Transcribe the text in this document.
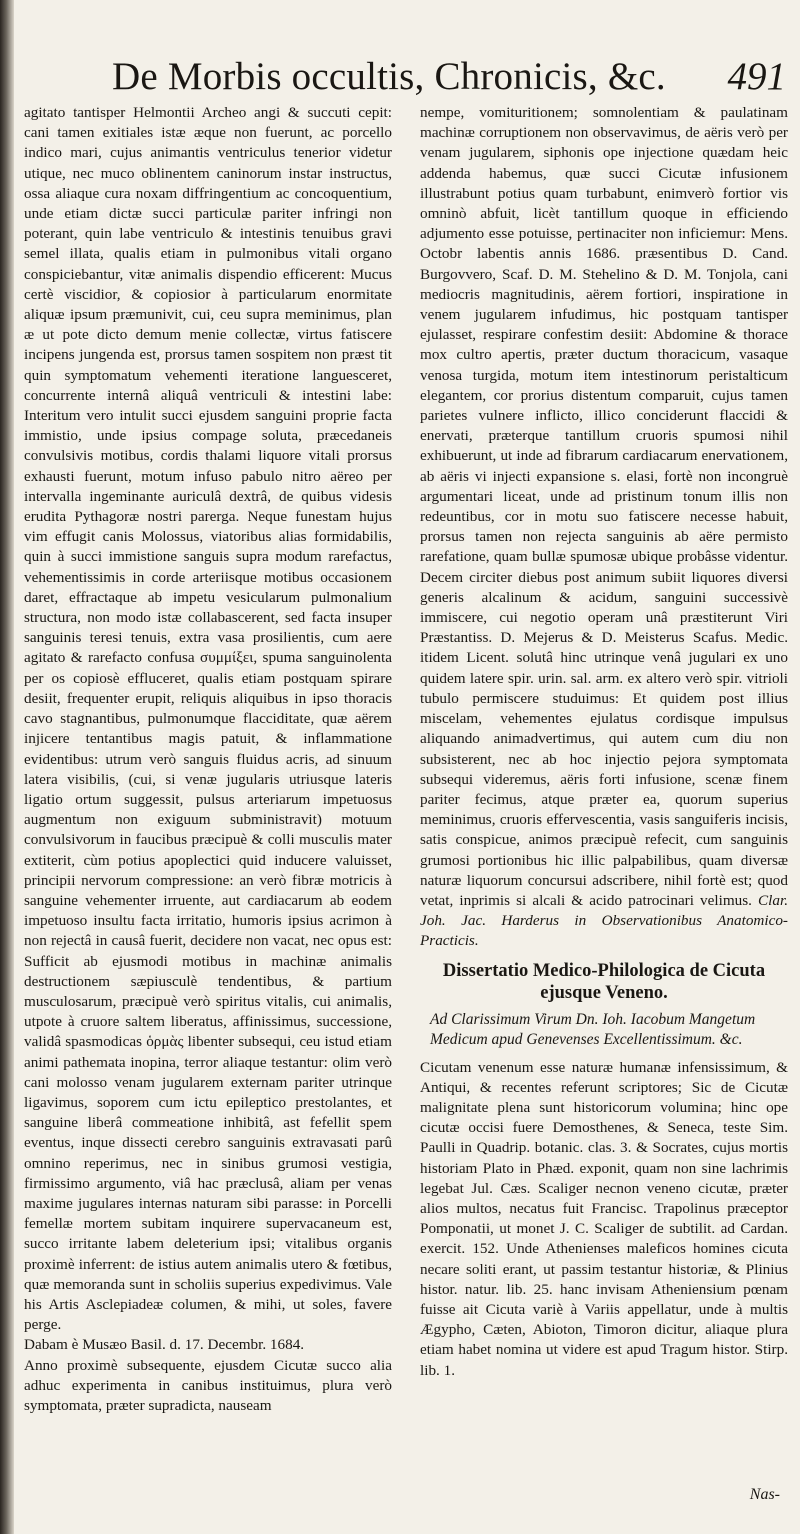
De Morbis occultis, Chronicis, &c. 491

agitato tantisper Helmontii Archeo angi & succuti cepit: cani tamen exitiales istæ æque non fuerunt, ac porcello indico mari, cujus animantis ventriculus tenerior videtur utique, nec muco oblinentem caninorum instar instructus, ossa aliaque cura noxam diffringentium ac concoquentium, unde etiam dictæ succi particulæ pariter infringi non poterant, quin labe ventriculo & intestinis tenuibus gravi semel illata, qualis etiam in pulmonibus vitali organo conspiciebantur, vitæ animalis dispendio efficerent: Mucus certè viscidior, & copiosior à particularum enormitate aliquæ ipsum præmunivit, cui, ceu supra meminimus, plan æ ut pote dicto demum menie collectæ, virtus fatiscere incipens jungenda est, prorsus tamen sospitem non præst tit quin symptomatum vehementi iteratione languesceret, concurrente internâ aliquâ ventriculi & intestini labe: Interitum vero intulit succi ejusdem sanguini proprie facta immistio, unde ipsius compage soluta, præcedaneis convulsivis motibus, cordis thalami liquore vitali prorsus exhausti fuerunt, motum infuso pabulo nitro aëreo per intervalla ingeminante auriculâ dextrâ, de quibus videsis erudita Pythagoræ nostri parerga. Neque funestam hujus vim effugit canis Molossus, viatoribus alias formidabilis, quin à succi immistione sanguis supra modum rarefactus, vehementissimis in corde arteriisque motibus occasionem daret, effractaque ab impetu vesicularum pulmonalium structura, non modo istæ collabascerent, sed facta insuper sanguinis teresi tenuis, extra vasa prosilientis, cum aere agitato & rarefacto confusa συμμίξει, spuma sanguinolenta per os copiosè effluceret, qualis etiam postquam spirare desiit, frequenter erupit, reliquis aliquibus in ipso thoracis cavo stagnantibus, pulmonumque flacciditate, quæ aërem injicere tentantibus magis patuit, & inflammatione evidentibus: utrum verò sanguis fluidus acris, ad sinuum latera visibilis, (cui, si venæ jugularis utriusque lateris ligatio ortum suggessit, pulsus arteriarum impetuosus augmentum non exiguum subministravit) motuum convulsivorum in faucibus præcipuè & colli musculis mater extiterit, cùm potius apoplectici quid inducere valuisset, principii nervorum compressione: an verò fibræ motricis à sanguine vehementer irruente, aut cardiacarum ab eodem impetuoso insultu facta irritatio, humoris ipsius acrimon à non rejectâ in causâ fuerit, decidere non vacat, nec opus est: Sufficit ab ejusmodi motibus in machinæ animalis destructionem sæpiusculè tendentibus, & partium musculosarum, præcipuè verò spiritus vitalis, cui animalis, utpote à cruore saltem liberatus, affinissimus, successione, validâ spasmodicas ὁρμὰς libenter subsequi, ceu istud etiam animi pathemata inopina, terror aliaque testantur: olim verò cani molosso venam jugularem externam pariter utrinque ligavimus, soporem cum ictu epileptico prestolantes, et sanguine liberâ commeatione inhibitâ, ast fefellit spem eventus, inque dissecti cerebro sanguinis extravasati parû omnino reperimus, nec in sinibus grumosi vestigia, firmissimo argumento, viâ hac præclusâ, aliam per venas maxime jugulares internas naturam sibi parasse: in Porcelli femellæ mortem subitam inquirere supervacaneum est, succo irritante labem deleterium ipsi; vitalibus organis proximè inferrent: de istius autem animalis utero & fœtibus, quæ memoranda sunt in scholiis superius expedivimus. Vale his Artis Asclepiadeæ columen, & mihi, ut soles, favere perge.

Dabam è Musæo Basil. d. 17. Decembr. 1684.

Anno proximè subsequente, ejusdem Cicutæ succo alia adhuc experimenta in canibus instituimus, plura verò symptomata, præter supradicta, nauseam

nempe, vomituritionem; somnolentiam & paulatinam machinæ corruptionem non observavimus, de aëris verò per venam jugularem, siphonis ope injectione quædam heic addenda habemus, quæ succi Cicutæ infusionem illustrabunt potius quam turbabunt, enimverò fortior vis omninò abfuit, licèt tantillum quoque in efficiendo adjumento esse potuisse, pertinaciter non inficiemur: Mens. Octobr labentis annis 1686. præsentibus D. Cand. Burgovvero, Scaf. D. M. Stehelino & D. M. Tonjola, cani mediocris magnitudinis, aërem fortiori, inspiratione in venem jugularem infudimus, hic postquam tantisper ejulasset, respirare confestim desiit: Abdomine & thorace mox cultro apertis, præter ductum thoracicum, vasaque venosa turgida, motum item intestinorum peristalticum elegantem, cor prorius distentum comparuit, cujus tamen parietes vulnere inflicto, illico conciderunt flaccidi & enervati, præterque tantillum cruoris spumosi nihil exhibuerunt, ut inde ad fibrarum cardiacarum enervationem, ab aëris vi injecti expansione s. elasi, fortè non incongruè argumentari liceat, unde ad pristinum tonum illis non redeuntibus, cor in motu suo fatiscere necesse habuit, prorsus tamen non rejecta sanguinis ab aëre permisto rarefatione, quam bullæ spumosæ ubique probâsse videntur. Decem circiter diebus post animum subiit liquores diversi generis alcalinum & acidum, sanguini successivè immiscere, cui negotio operam unâ præstiterunt Viri Præstantiss. D. Mejerus & D. Meisterus Scafus. Medic. itidem Licent. solutâ hinc utrinque venâ jugulari ex uno quidem latere spir. urin. sal. arm. ex altero verò spir. vitrioli tubulo permiscere studuimus: Et quidem post illius miscelam, vehementes ejulatus cordisque impulsus aliquando animadvertimus, qui autem cum diu non subsisterent, nec ab hoc injectio pejora symptomata subsequi videremus, aëris forti infusione, scenæ finem pariter fecimus, atque præter ea, quorum superius meminimus, cruoris effervescentia, vasis sanguiferis incisis, satis conspicue, animos præcipuè refecit, cum sanguinis grumosi portionibus hic illic palpabilibus, quam diversæ naturæ liquorum concursui adscribere, nihil fortè est; quod vetat, inprimis si alcali & acido patrocinari velimus. Clar. Joh. Jac. Harderus in Observationibus Anatomico-Practicis.

Dissertatio Medico-Philologica de Cicuta ejusque Veneno.
Ad Clarissimum Virum Dn. Ioh. Iacobum Mangetum Medicum apud Genevenses Excellentissimum. &c.

Cicutam venenum esse naturæ humanæ infensissimum, & Antiqui, & recentes referunt scriptores; Sic de Cicutæ malignitate plena sunt historicorum volumina; hinc ope cicutæ occisi fuere Demosthenes, & Seneca, teste Sim. Paulli in Quadrip. botanic. clas. 3. & Socrates, cujus mortis historiam Plato in Phæd. exponit, quam non sine lachrimis legebat Jul. Cæs. Scaliger necnon veneno cicutæ, præter alios multos, necatus fuit Francisc. Trapolinus præceptor Pomponatii, ut monet J. C. Scaliger de subtilit. ad Cardan. exercit. 152. Unde Athenienses maleficos homines cicuta necare soliti erant, ut passim testantur historiæ, & Plinius histor. natur. lib. 25. hanc invisam Atheniensium pœnam fuisse ait Cicuta variè à Variis appellatur, unde à multis Ægypho, Cæten, Abioton, Timoron dicitur, aliaque plura etiam habet nomina ut videre est apud Tragum histor. Stirp. lib. 1.

Nas-
